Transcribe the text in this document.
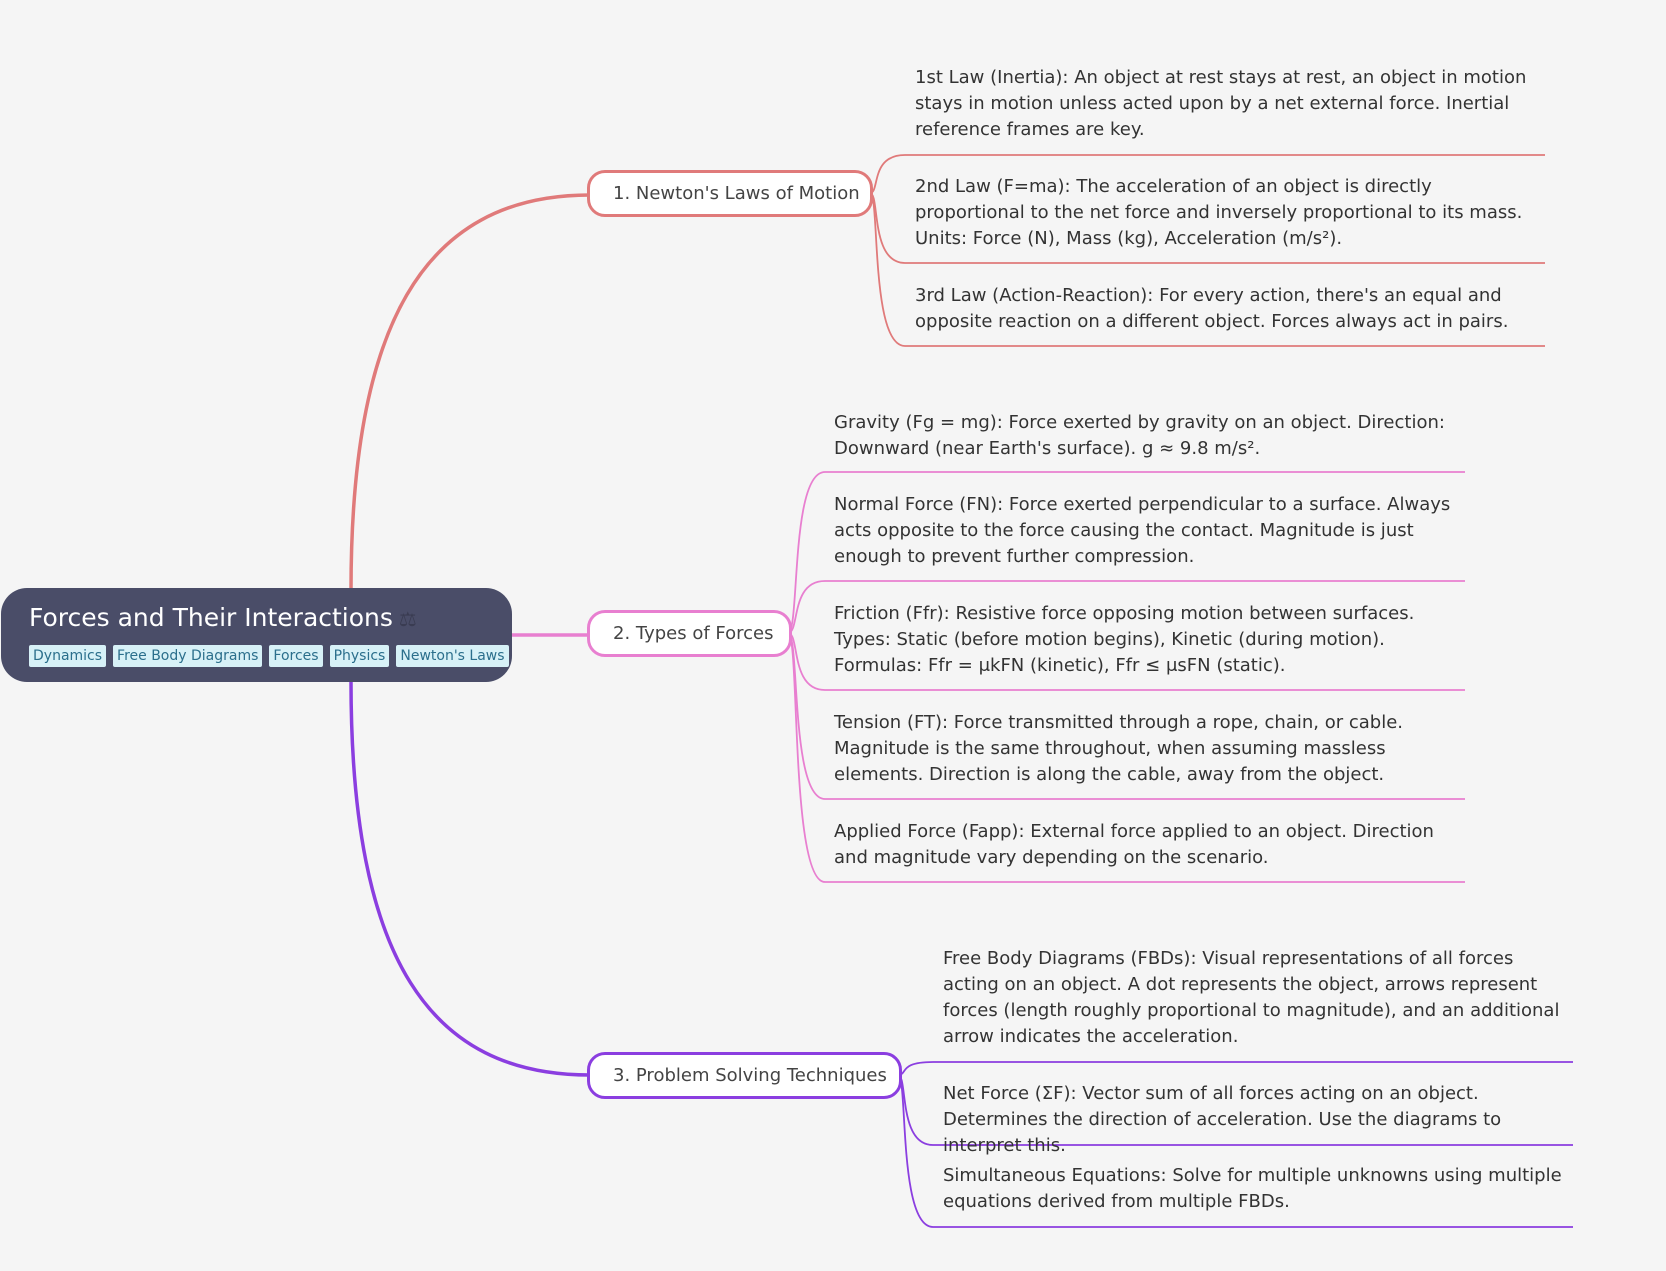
Forces and Their Interactions ⚖
Dynamics Free Body Diagrams Forces Physics Newton's Laws
1. Newton's Laws of Motion
1st Law (Inertia): An object at rest stays at rest, an object in motion stays in motion unless acted upon by a net external force. Inertial reference frames are key.
2nd Law (F=ma): The acceleration of an object is directly proportional to the net force and inversely proportional to its mass. Units: Force (N), Mass (kg), Acceleration (m/s²).
3rd Law (Action-Reaction): For every action, there's an equal and opposite reaction on a different object. Forces always act in pairs.
2. Types of Forces
Gravity (Fg = mg): Force exerted by gravity on an object. Direction: Downward (near Earth's surface). g ≈ 9.8 m/s².
Normal Force (FN): Force exerted perpendicular to a surface. Always acts opposite to the force causing the contact. Magnitude is just enough to prevent further compression.
Friction (Ffr): Resistive force opposing motion between surfaces. Types: Static (before motion begins), Kinetic (during motion). Formulas: Ffr = μkFN (kinetic), Ffr ≤ μsFN (static).
Tension (FT): Force transmitted through a rope, chain, or cable. Magnitude is the same throughout, when assuming massless elements. Direction is along the cable, away from the object.
Applied Force (Fapp): External force applied to an object. Direction and magnitude vary depending on the scenario.
3. Problem Solving Techniques
Free Body Diagrams (FBDs): Visual representations of all forces acting on an object. A dot represents the object, arrows represent forces (length roughly proportional to magnitude), and an additional arrow indicates the acceleration.
Net Force (ΣF): Vector sum of all forces acting on an object. Determines the direction of acceleration. Use the diagrams to interpret this.
Simultaneous Equations: Solve for multiple unknowns using multiple equations derived from multiple FBDs.
